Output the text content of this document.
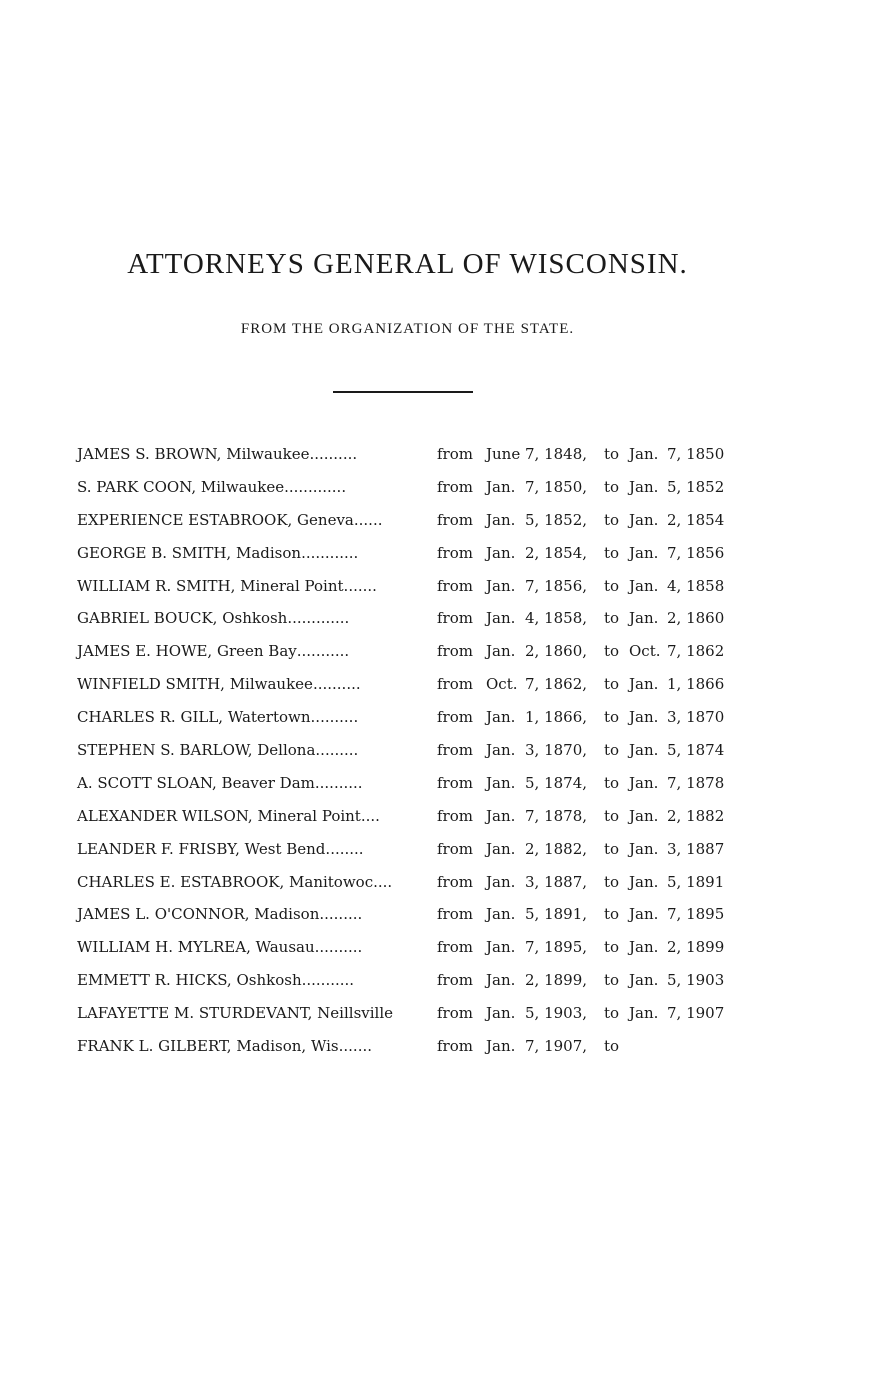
ATTORNEYS GENERAL OF WISCONSIN.

FROM THE ORGANIZATION OF THE STATE.

JAMES S. BROWN, Milwaukee..........	from June 7, 1848, to Jan. 7, 1850
S. PARK COON, Milwaukee.............	from Jan. 7, 1850, to Jan. 5, 1852
EXPERIENCE ESTABROOK, Geneva......	from Jan. 5, 1852, to Jan. 2, 1854
GEORGE B. SMITH, Madison............	from Jan. 2, 1854, to Jan. 7, 1856
WILLIAM R. SMITH, Mineral Point.......	from Jan. 7, 1856, to Jan. 4, 1858
GABRIEL BOUCK, Oshkosh.............	from Jan. 4, 1858, to Jan. 2, 1860
JAMES E. HOWE, Green Bay...........	from Jan. 2, 1860, to Oct. 7, 1862
WINFIELD SMITH, Milwaukee..........	from Oct. 7, 1862, to Jan. 1, 1866
CHARLES R. GILL, Watertown..........	from Jan. 1, 1866, to Jan. 3, 1870
STEPHEN S. BARLOW, Dellona.........	from Jan. 3, 1870, to Jan. 5, 1874
A. SCOTT SLOAN, Beaver Dam..........	from Jan. 5, 1874, to Jan. 7, 1878
ALEXANDER WILSON, Mineral Point....	from Jan. 7, 1878, to Jan. 2, 1882
LEANDER F. FRISBY, West Bend........	from Jan. 2, 1882, to Jan. 3, 1887
CHARLES E. ESTABROOK, Manitowoc....	from Jan. 3, 1887, to Jan. 5, 1891
JAMES L. O'CONNOR, Madison.........	from Jan. 5, 1891, to Jan. 7, 1895
WILLIAM H. MYLREA, Wausau..........	from Jan. 7, 1895, to Jan. 2, 1899
EMMETT R. HICKS, Oshkosh...........	from Jan. 2, 1899, to Jan. 5, 1903
LAFAYETTE M. STURDEVANT, Neillsville	from Jan. 5, 1903, to Jan. 7, 1907
FRANK L. GILBERT, Madison, Wis.......	from Jan. 7, 1907, to
